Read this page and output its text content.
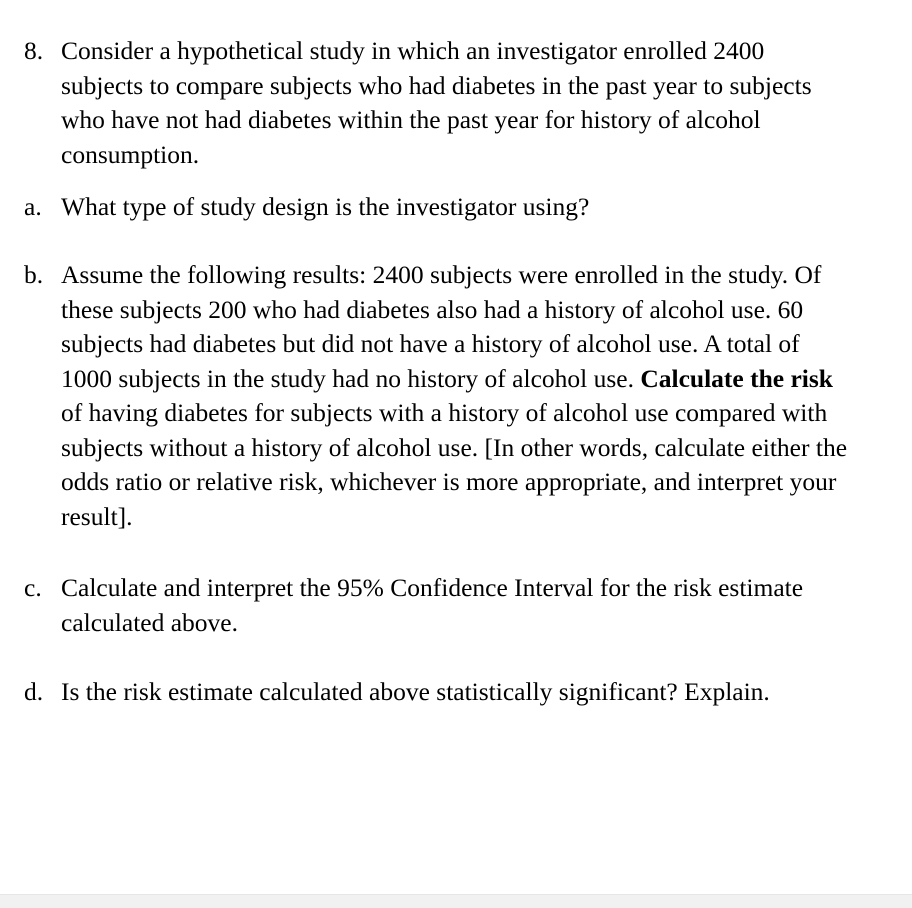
8. Consider a hypothetical study in which an investigator enrolled 2400
subjects to compare subjects who had diabetes in the past year to subjects
who have not had diabetes within the past year for history of alcohol
consumption.
a. What type of study design is the investigator using?
b. Assume the following results: 2400 subjects were enrolled in the study. Of
these subjects 200 who had diabetes also had a history of alcohol use. 60
subjects had diabetes but did not have a history of alcohol use. A total of
1000 subjects in the study had no history of alcohol use. Calculate the risk
of having diabetes for subjects with a history of alcohol use compared with
subjects without a history of alcohol use. [In other words, calculate either the
odds ratio or relative risk, whichever is more appropriate, and interpret your
result].
c. Calculate and interpret the 95% Confidence Interval for the risk estimate
calculated above.
d. Is the risk estimate calculated above statistically significant? Explain.
